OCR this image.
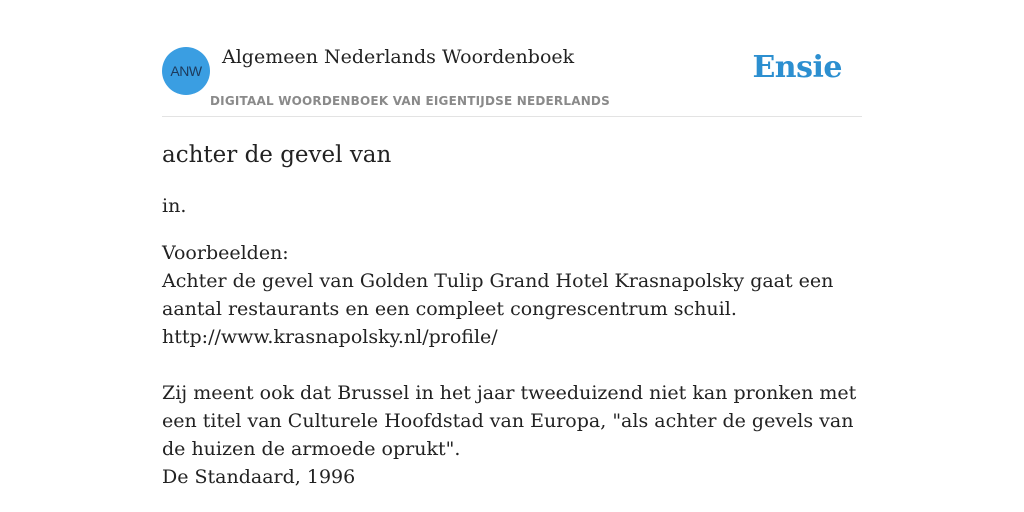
ANW
Algemeen Nederlands Woordenboek
DIGITAAL WOORDENBOEK VAN EIGENTIJDSE NEDERLANDS
Ensie
achter de gevel van
in.
Voorbeelden:
Achter de gevel van Golden Tulip Grand Hotel Krasnapolsky gaat een aantal restaurants en een compleet congrescentrum schuil.
http://www.krasnapolsky.nl/profile/
Zij meent ook dat Brussel in het jaar tweeduizend niet kan pronken met een titel van Culturele Hoofdstad van Europa, "als achter de gevels van de huizen de armoede oprukt".
De Standaard, 1996
